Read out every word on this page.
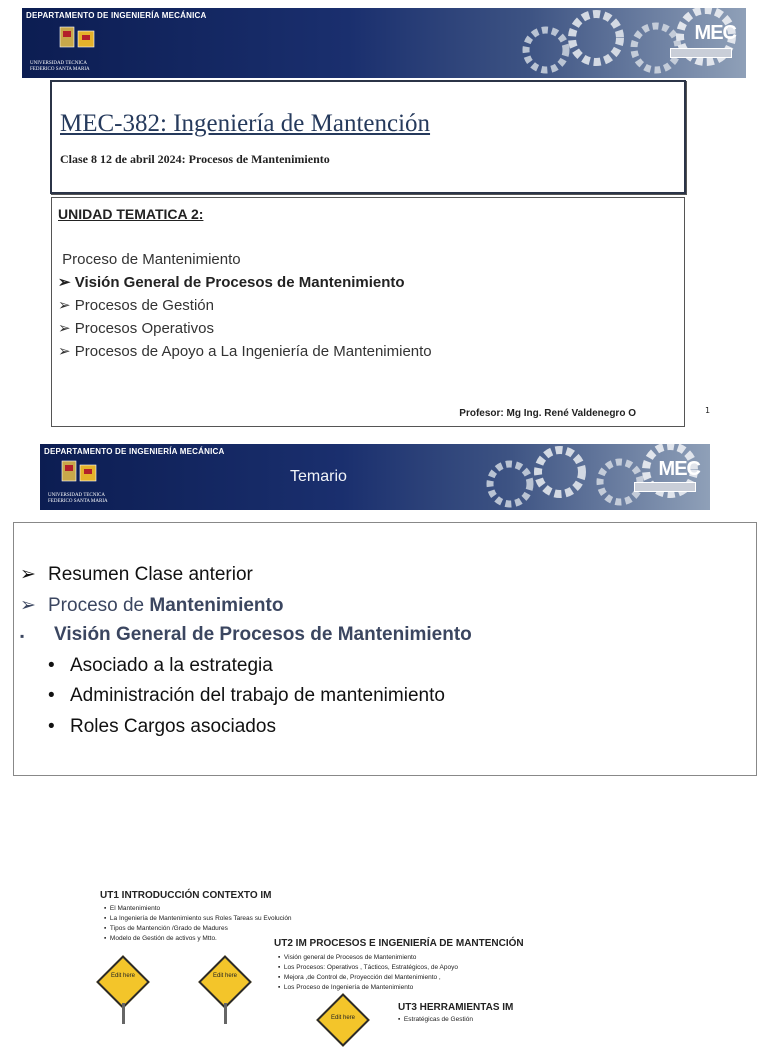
DEPARTAMENTO DE INGENIERÍA MECÁNICA
UNIVERSIDAD TECNICA
FEDERICO SANTA MARIA
MEC
MEC-382: Ingeniería de Mantención
Clase 8 12 de abril 2024: Procesos de Mantenimiento
UNIDAD TEMATICA 2:
Proceso de Mantenimiento
➢ Visión General de Procesos de Mantenimiento
➢ Procesos de Gestión
➢ Procesos Operativos
➢ Procesos de Apoyo a La Ingeniería de Mantenimiento
Profesor: Mg Ing. René Valdenegro O	1
DEPARTAMENTO DE INGENIERÍA MECÁNICA
UNIVERSIDAD TECNICA
FEDERICO SANTA MARIA
Temario	MEC
➢ Resumen Clase anterior
➢ Proceso de Mantenimiento
▪ Visión General de Procesos de Mantenimiento
• Asociado a la estrategia
• Administración del trabajo de mantenimiento
• Roles Cargos asociados
UT1 INTRODUCCIÓN CONTEXTO IM
▪  El Mantenimiento
▪  La Ingeniería de Mantenimiento sus Roles Tareas su Evolución
▪  Tipos de Mantención /Grado de Madures
▪  Modelo de Gestión de activos y Mtto.	UT2 IM PROCESOS E INGENIERÍA DE MANTENCIÓN
▪  Visión general de Procesos de Mantenimiento
▪  Los Procesos: Operativos , Tácticos, Estratégicos, de Apoyo
▪  Mejora ,de Control de, Proyección del Mantenimiento ,
▪  Los Proceso de Ingeniería de Mantenimiento
UT3 HERRAMIENTAS IM
▪  Estratégicas de Gestión
Edit here	Edit here
Edit here
